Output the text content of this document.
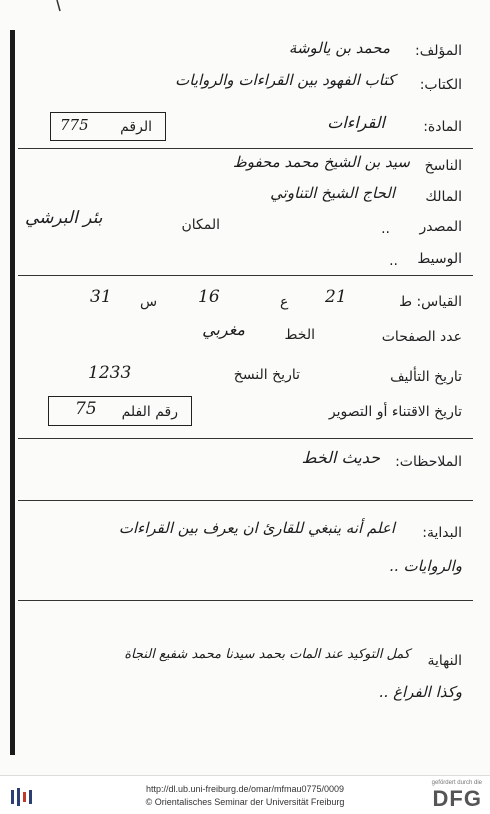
المؤلف:
محمد بن يالوشة
الكتاب:
كتاب الفهود بين القراءات والروايات
الرقم
775	المادة:
القراءات
الناسخ
سيد بن الشيخ محمد محفوظ
المالك
الحاج الشيخ التناوتي
المصدر
..
المكان
بئر البرشي
الوسيط
..
القياس: ط
21
ع
16
س
31
عدد الصفحات
الخط
مغربي
تاريخ التأليف
تاريخ النسخ
1233
رقم الفلم
75	تاريخ الاقتناء أو التصوير
الملاحظات:
حديث الخط
البداية:
اعلم أنه ينبغي للقارئ ان يعرف بين القراءات
والروايات ..
النهاية
كمل التوكيد عند المات بحمد سيدنا محمد شفيع النجاة
وكذا الفراغ ..
http://dl.ub.uni-freiburg.de/omar/mfmau0775/0009
© Orientalisches Seminar der Universität Freiburg
gefördert durch die
DFG
